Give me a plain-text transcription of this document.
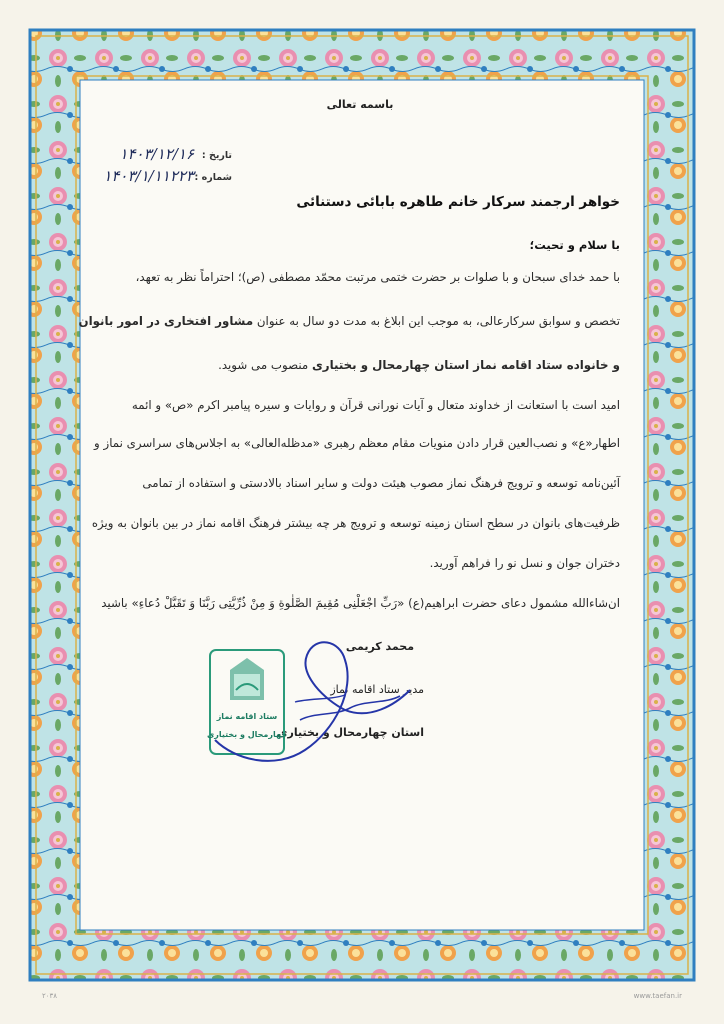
باسمه تعالی
تاریخ :
۱۴۰۳/۱۲/۱۶
شماره :
۱۴۰۳/۱/۱۱۲۲۳
خواهر ارجمند سرکار خانم طاهره بابائی دستنائی
با سلام و تحیت؛
با حمد خدای سبحان و با صلوات بر حضرت ختمی مرتبت محمّد مصطفی (ص)؛ احتراماً نظر به تعهد،
تخصص و سوابق سرکارعالی، به موجب این ابلاغ به مدت دو سال به عنوان مشاور افتخاری در امور بانوان
و خانواده ستاد اقامه نماز استان چهارمحال و بختیاری منصوب می شوید.
امید است با استعانت از خداوند متعال و آیات نورانی قرآن و روایات و سیره پیامبر اکرم «ص» و ائمه
اطهار«ع» و نصب‌العین قرار دادن منویات مقام معظم رهبری «مدظله‌العالی» به اجلاس‌های سراسری نماز و
آئین‌نامه توسعه و ترویج فرهنگ نماز مصوب هیئت دولت و سایر اسناد بالادستی و استفاده از تمامی
ظرفیت‌های بانوان در سطح استان زمینه توسعه و ترویج هر چه بیشتر فرهنگ اقامه نماز در بین بانوان به ویژه
دختران جوان و نسل نو را فراهم آورید.
ان‌شاءالله مشمول دعای حضرت ابراهیم(ع) «رَبِّ اجْعَلْنِی مُقِیمَ الصَّلٰوةِ وَ مِنْ ذُرِّیَّتِی رَبَّنَا وَ تَقَبَّلْ دُعاءِ» باشید
محمد کریمی
مدیر ستاد اقامه نماز
استان چهارمحال و بختیاری
ستاد اقامه نماز
چهارمحال و بختیاری
۲۰۳۸	www.taefan.ir
